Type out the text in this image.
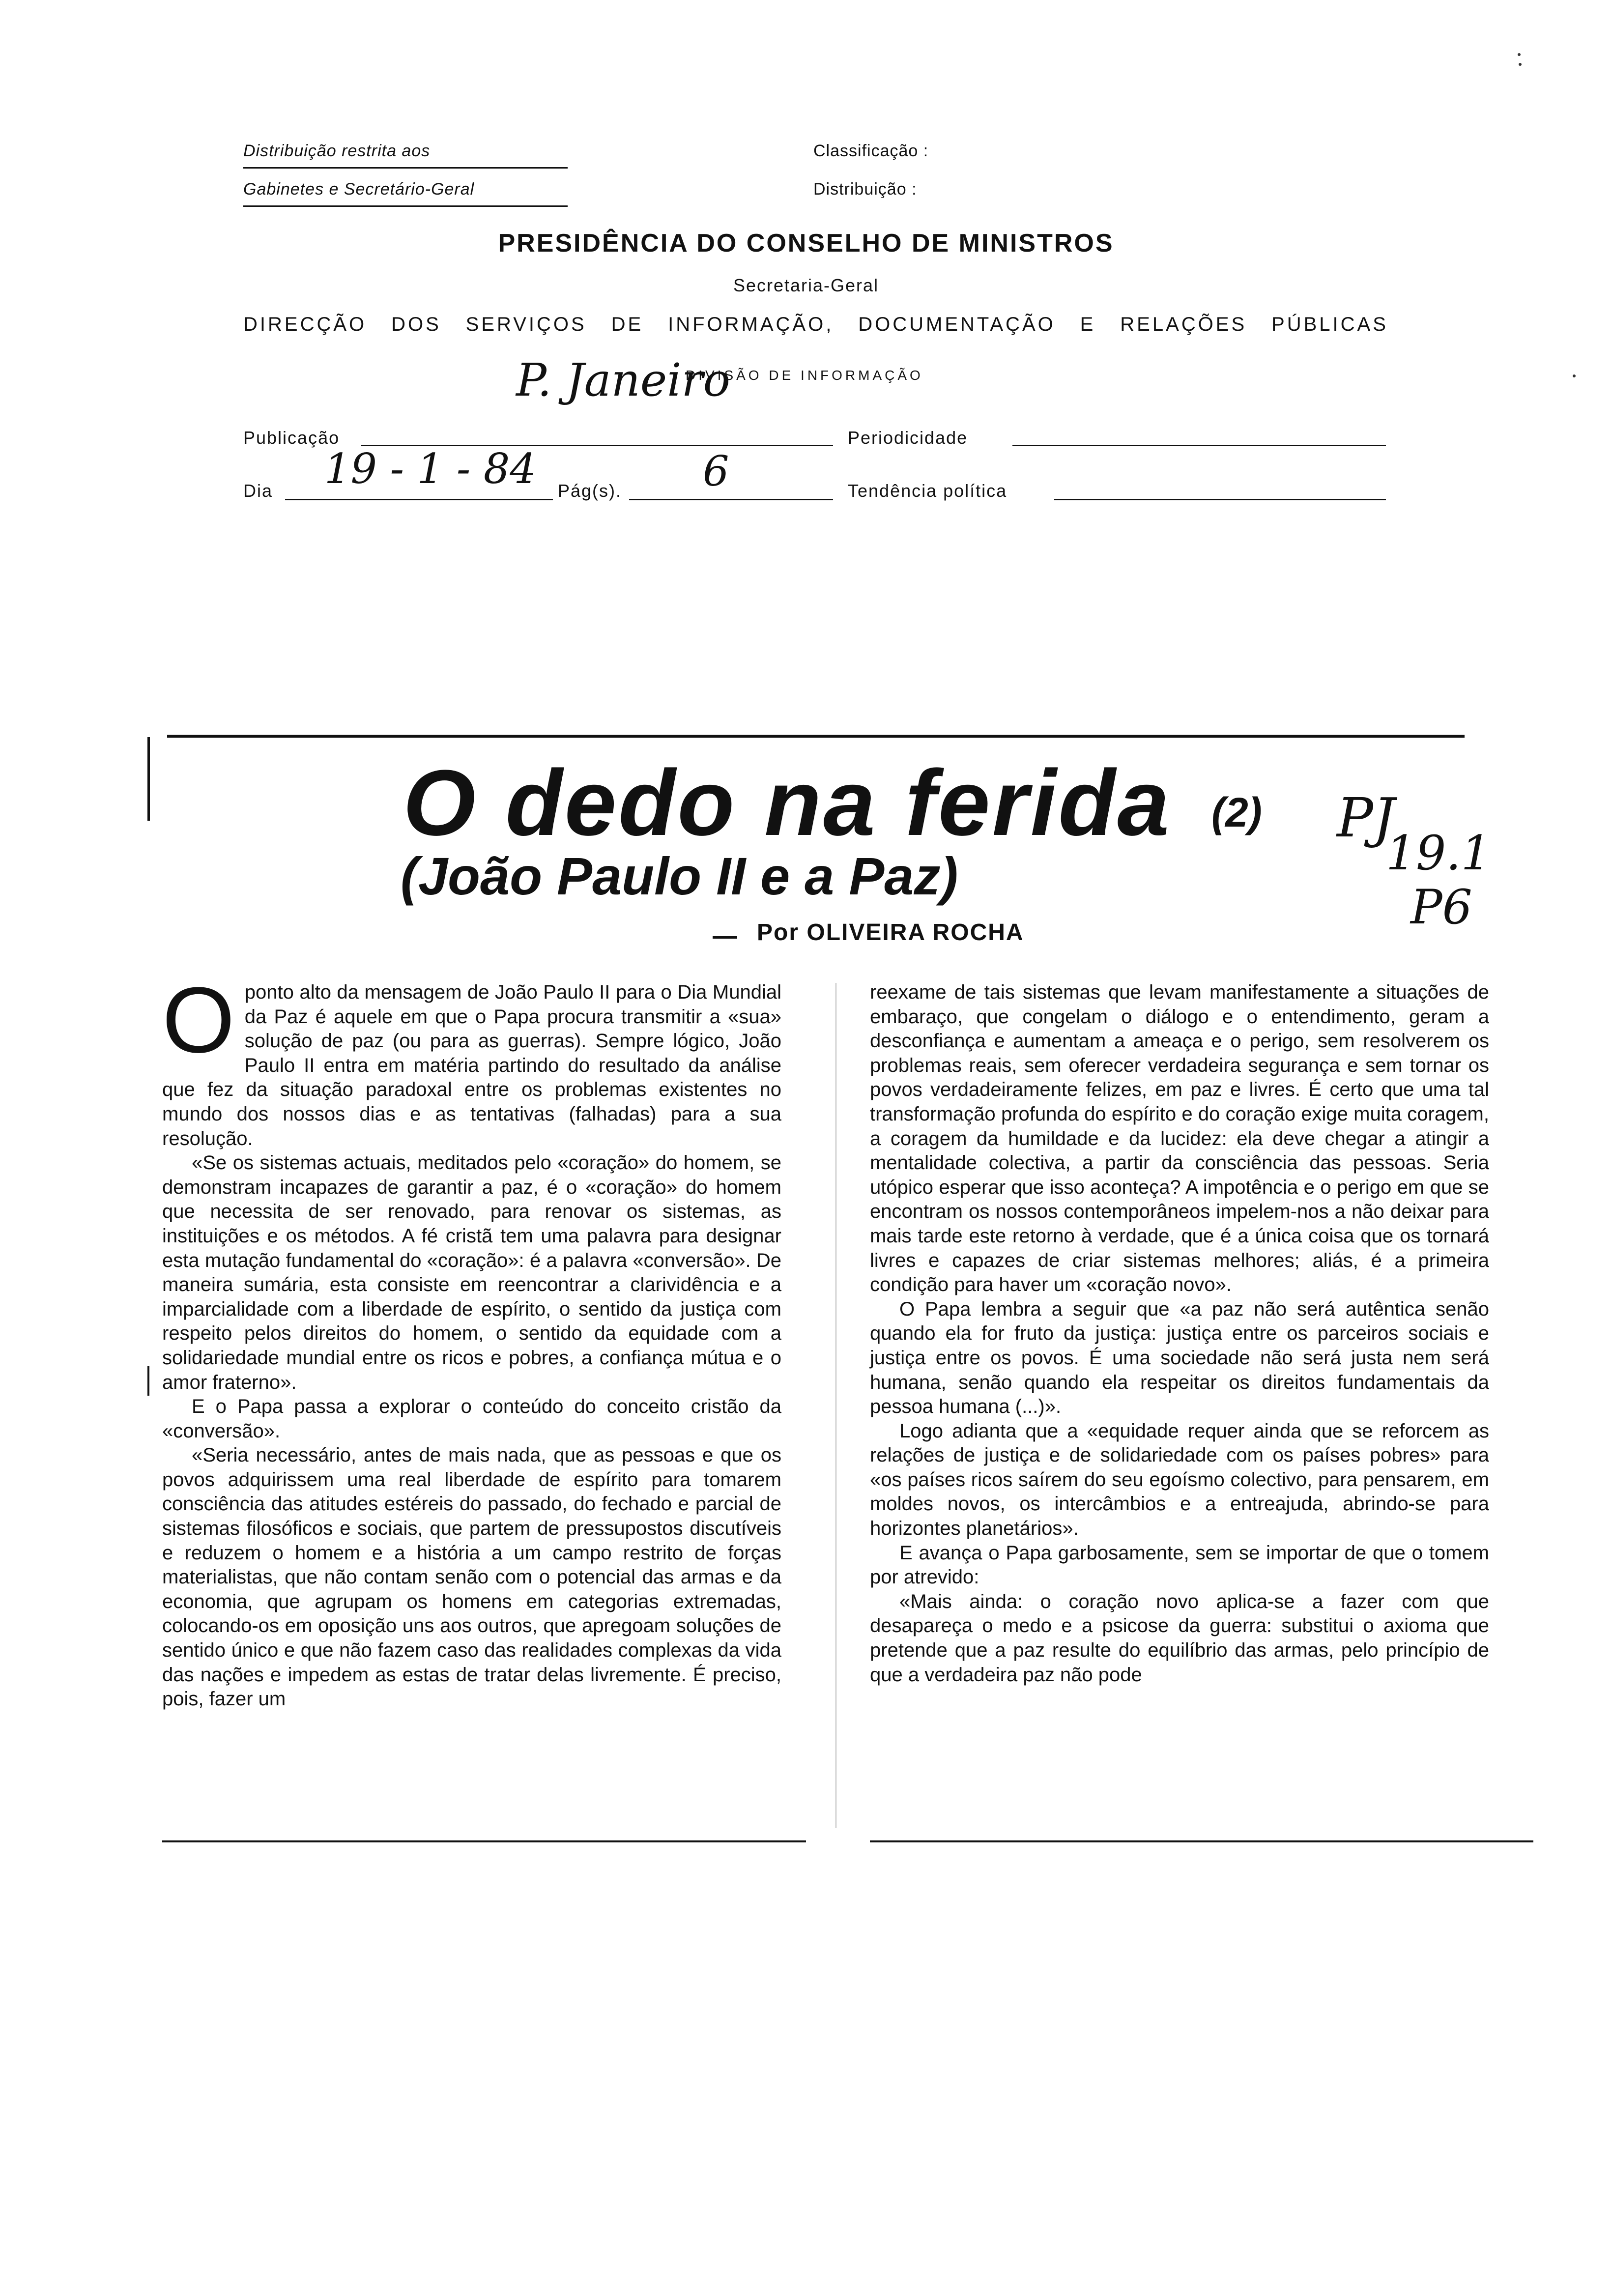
Distribuição restrita aos
Gabinetes e Secretário-Geral
Classificação :
Distribuição :
PRESIDÊNCIA DO CONSELHO DE MINISTROS
Secretaria-Geral
DIRECÇÃO DOS SERVIÇOS DE INFORMAÇÃO, DOCUMENTAÇÃO E RELAÇÕES PÚBLICAS
DIVISÃO DE INFORMAÇÃO
Publicação
P. Janeiro
Periodicidade
Dia 19 - 1 - 84 Pág(s). 6	Tendência política
O dedo na ferida (2)
(João Paulo II e a Paz)
Por OLIVEIRA ROCHA
PJ
19.1
P6

Oponto alto da mensagem de João Paulo II para o Dia Mundial da Paz é aquele em que o Papa procura transmitir a «sua» solução de paz (ou para as guerras). Sempre lógico, João Paulo II entra em matéria partindo do resultado da análise que fez da situação paradoxal entre os problemas existentes no mundo dos nossos dias e as tentativas (falhadas) para a sua resolução.

«Se os sistemas actuais, meditados pelo «coração» do homem, se demonstram incapazes de garantir a paz, é o «coração» do homem que necessita de ser renovado, para renovar os sistemas, as instituições e os métodos. A fé cristã tem uma palavra para designar esta mutação fundamental do «coração»: é a palavra «conversão». De maneira sumária, esta consiste em reencontrar a clarividência e a imparcialidade com a liberdade de espírito, o sentido da justiça com respeito pelos direitos do homem, o sentido da equidade com a solidariedade mundial entre os ricos e pobres, a confiança mútua e o amor fraterno».

E o Papa passa a explorar o conteúdo do conceito cristão da «conversão».

«Seria necessário, antes de mais nada, que as pessoas e que os povos adquirissem uma real liberdade de espírito para tomarem consciência das atitudes estéreis do passado, do fechado e parcial de sistemas filosóficos e sociais, que partem de pressupostos discutíveis e reduzem o homem e a história a um campo restrito de forças materialistas, que não contam senão com o potencial das armas e da economia, que agrupam os homens em categorias extremadas, colocando-os em oposição uns aos outros, que apregoam soluções de sentido único e que não fazem caso das realidades complexas da vida das nações e impedem as estas de tratar delas livremente. É preciso, pois, fazer um

reexame de tais sistemas que levam manifestamente a situações de embaraço, que congelam o diálogo e o entendimento, geram a desconfiança e aumentam a ameaça e o perigo, sem resolverem os problemas reais, sem oferecer verdadeira segurança e sem tornar os povos verdadeiramente felizes, em paz e livres. É certo que uma tal transformação profunda do espírito e do coração exige muita coragem, a coragem da humildade e da lucidez: ela deve chegar a atingir a mentalidade colectiva, a partir da consciência das pessoas. Seria utópico esperar que isso aconteça? A impotência e o perigo em que se encontram os nossos contemporâneos impelem-nos a não deixar para mais tarde este retorno à verdade, que é a única coisa que os tornará livres e capazes de criar sistemas melhores; aliás, é a primeira condição para haver um «coração novo».

O Papa lembra a seguir que «a paz não será autêntica senão quando ela for fruto da justiça: justiça entre os parceiros sociais e justiça entre os povos. É uma sociedade não será justa nem será humana, senão quando ela respeitar os direitos fundamentais da pessoa humana (...)».

Logo adianta que a «equidade requer ainda que se reforcem as relações de justiça e de solidariedade com os países pobres» para «os países ricos saírem do seu egoísmo colectivo, para pensarem, em moldes novos, os intercâmbios e a entreajuda, abrindo-se para horizontes planetários».

E avança o Papa garbosamente, sem se importar de que o tomem por atrevido:

«Mais ainda: o coração novo aplica-se a fazer com que desapareça o medo e a psicose da guerra: substitui o axioma que pretende que a paz resulte do equilíbrio das armas, pelo princípio de que a verdadeira paz não pode
